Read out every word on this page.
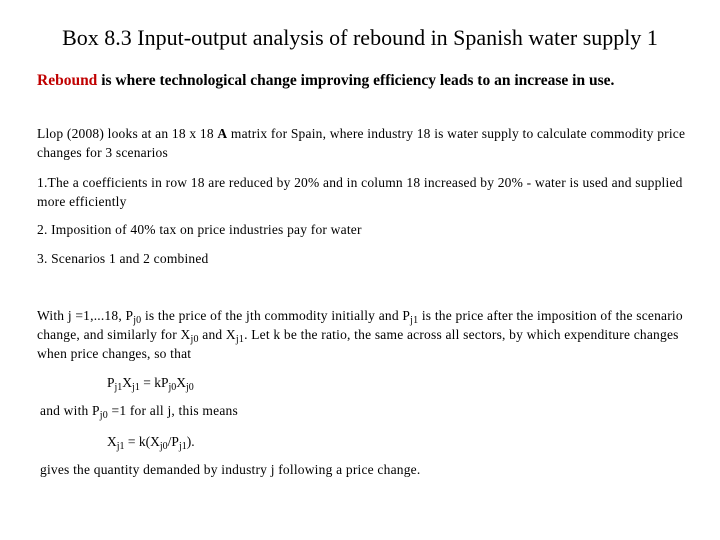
Box 8.3 Input-output analysis of rebound in Spanish water supply 1
Rebound is where technological change improving efficiency leads to an increase in use.
Llop (2008) looks at an 18 x 18 A matrix for Spain, where industry 18 is water supply to calculate commodity price changes for 3 scenarios
1.The a coefficients in row 18 are reduced by 20% and in column 18 increased by 20% - water is used and supplied more efficiently
2. Imposition of 40% tax on price industries pay for water
3. Scenarios 1 and 2 combined
With j =1,...18, $P_{j0}$ is the price of the jth commodity initially and $P_{j1}$ is the price after the imposition of the scenario change, and similarly for $X_{j0}$ and $X_{j1}$. Let k be the ratio, the same across all sectors, by which expenditure changes when price changes, so that
$P_{j1}X_{j1} = kP_{j0}X_{j0}$
and with $P_{j0} =1$ for all j, this means
$X_{j1} = k(X_{j0}/P_{j1})$.
gives the quantity demanded by industry j following a price change.
